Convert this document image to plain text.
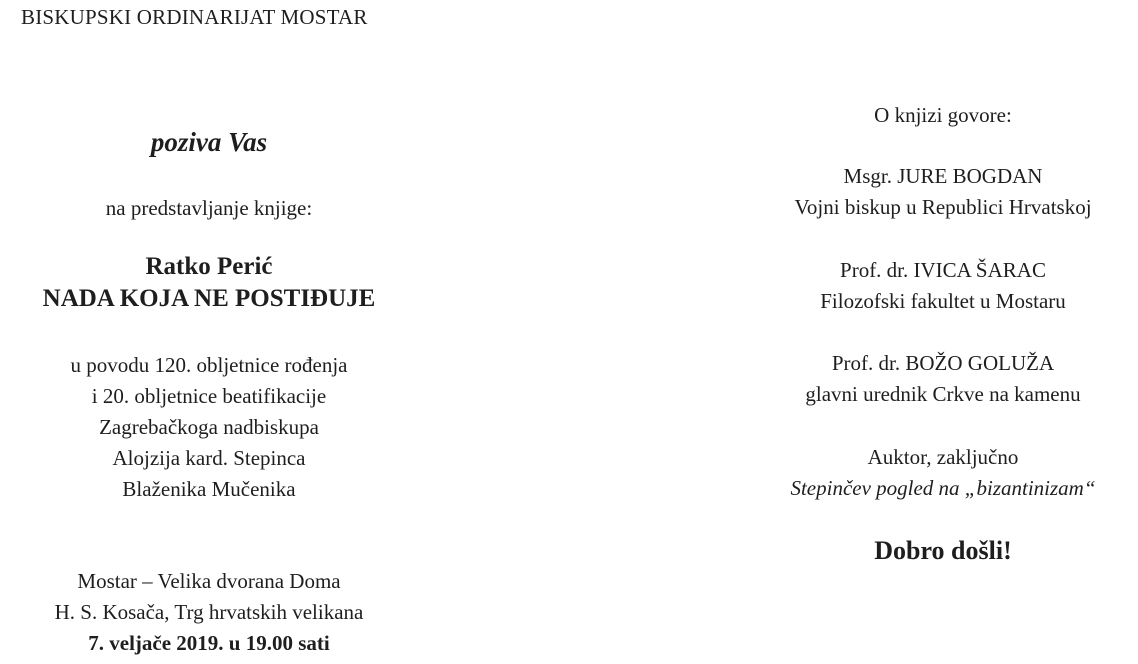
BISKUPSKI ORDINARIJAT MOSTAR
poziva Vas
na predstavljanje knjige:
Ratko Perić
NADA KOJA NE POSTIĐUJE
u povodu 120. obljetnice rođenja
i 20. obljetnice beatifikacije
Zagrebačkoga nadbiskupa
Alojzija kard. Stepinca
Blaženika Mučenika
Mostar – Velika dvorana Doma
H. S. Kosača, Trg hrvatskih velikana
7. veljače 2019. u 19.00 sati
O knjizi govore:
Msgr. JURE BOGDAN
Vojni biskup u Republici Hrvatskoj
Prof. dr. IVICA ŠARAC
Filozofski fakultet u Mostaru
Prof. dr. BOŽO GOLUŽA
glavni urednik Crkve na kamenu
Auktor, zaključno
Stepinčev pogled na „bizantinizam“
Dobro došli!
